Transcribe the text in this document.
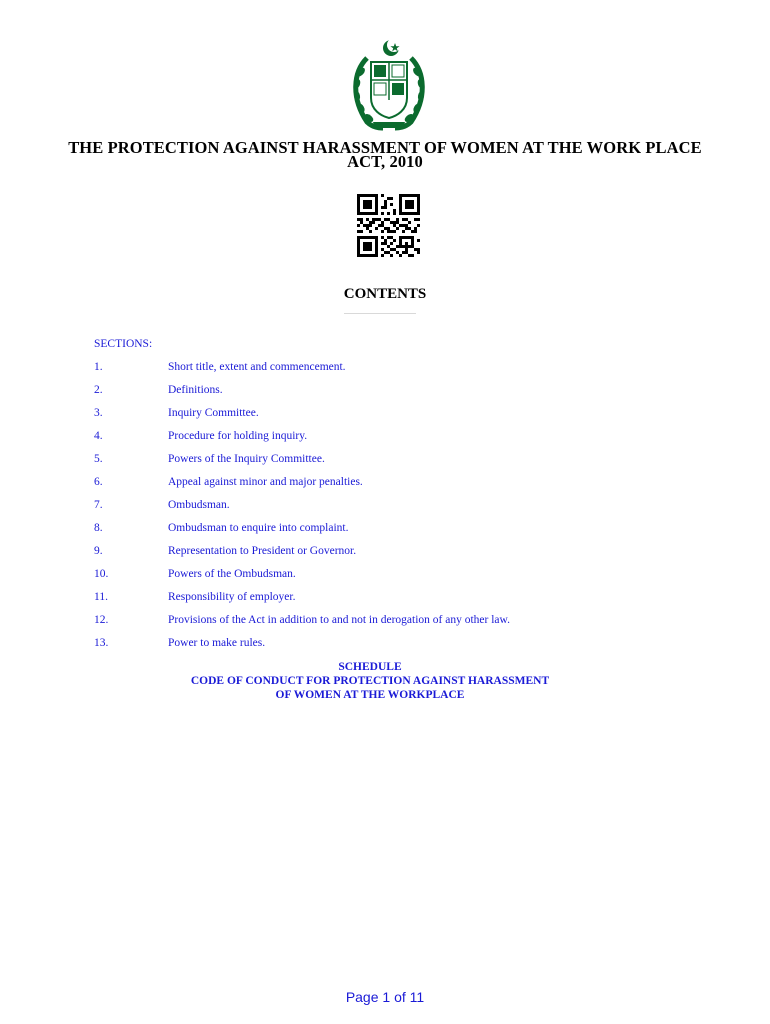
THE PROTECTION AGAINST HARASSMENT OF WOMEN AT THE WORK PLACE
ACT, 2010
CONTENTS
SECTIONS:
1.	Short title, extent and commencement.
2.	Definitions.
3.	Inquiry Committee.
4.	Procedure for holding inquiry.
5.	Powers of the Inquiry Committee.
6.	Appeal against minor and major penalties.
7.	Ombudsman.
8.	Ombudsman to enquire into complaint.
9.	Representation to President or Governor.
10.	Powers of the Ombudsman.
11.	Responsibility of employer.
12.	Provisions of the Act in addition to and not in derogation of any other law.
13.	Power to make rules.
SCHEDULE
CODE OF CONDUCT FOR PROTECTION AGAINST HARASSMENT
OF WOMEN AT THE WORKPLACE
Page 1 of 11
